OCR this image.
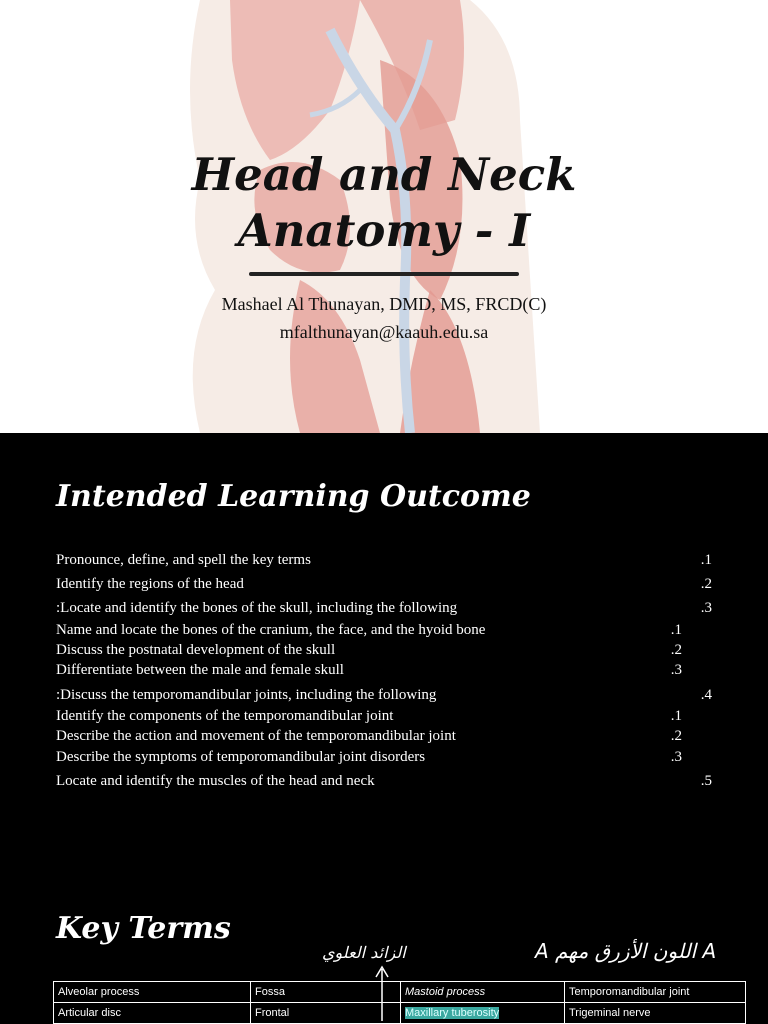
Head and Neck
Anatomy - I
Mashael Al Thunayan, DMD, MS, FRCD(C)
mfalthunayan@kaauh.edu.sa
Intended Learning Outcome
Pronounce, define, and spell the key terms	.1
Identify the regions of the head	.2
:Locate and identify the bones of the skull, including the following	.3
Name and locate the bones of the cranium, the face, and the hyoid bone	.1
Discuss the postnatal development of the skull	.2
Differentiate between the male and female skull	.3
:Discuss the temporomandibular joints, including the following	.4
Identify the components of the temporomandibular joint	.1
Describe the action and movement of the temporomandibular joint	.2
Describe the symptoms of temporomandibular joint disorders	.3
Locate and identify the muscles of the head and neck	.5
Key Terms
الزائد العلوي	A اللون الأزرق مهم A
Alveolar process	Fossa	Mastoid process	Temporomandibular joint
Articular disc	Frontal	Maxillary tuberosity	Trigeminal nerve
